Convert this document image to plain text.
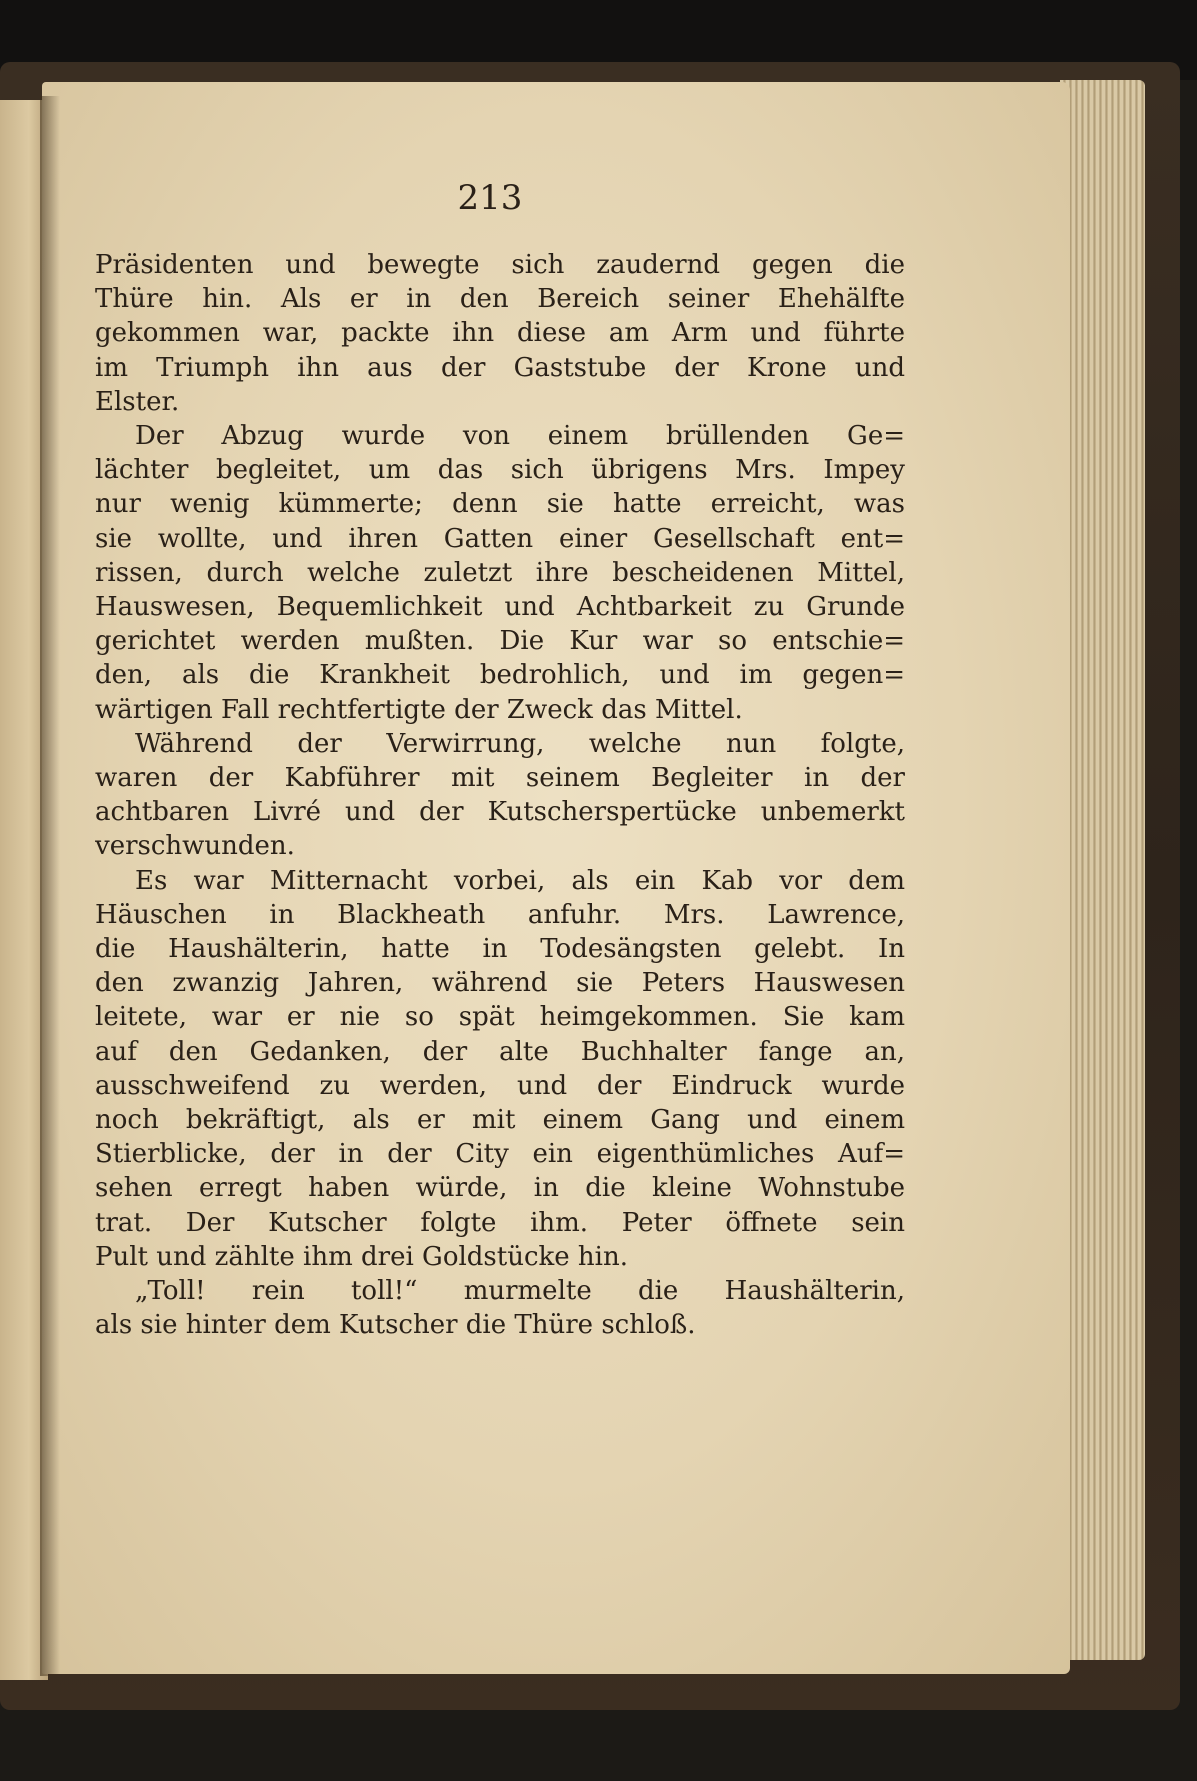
213
Präsidenten und bewegte sich zaudernd gegen die
Thüre hin. Als er in den Bereich seiner Ehehälfte
gekommen war, packte ihn diese am Arm und führte
im Triumph ihn aus der Gaststube der Krone und
Elster.
Der Abzug wurde von einem brüllenden Ge=
lächter begleitet, um das sich übrigens Mrs. Impey
nur wenig kümmerte; denn sie hatte erreicht, was
sie wollte, und ihren Gatten einer Gesellschaft ent=
rissen, durch welche zuletzt ihre bescheidenen Mittel,
Hauswesen, Bequemlichkeit und Achtbarkeit zu Grunde
gerichtet werden mußten. Die Kur war so entschie=
den, als die Krankheit bedrohlich, und im gegen=
wärtigen Fall rechtfertigte der Zweck das Mittel.
Während der Verwirrung, welche nun folgte,
waren der Kabführer mit seinem Begleiter in der
achtbaren Livré und der Kutscherspertücke unbemerkt
verschwunden.
Es war Mitternacht vorbei, als ein Kab vor dem
Häuschen in Blackheath anfuhr. Mrs. Lawrence,
die Haushälterin, hatte in Todesängsten gelebt. In
den zwanzig Jahren, während sie Peters Hauswesen
leitete, war er nie so spät heimgekommen. Sie kam
auf den Gedanken, der alte Buchhalter fange an,
ausschweifend zu werden, und der Eindruck wurde
noch bekräftigt, als er mit einem Gang und einem
Stierblicke, der in der City ein eigenthümliches Auf=
sehen erregt haben würde, in die kleine Wohnstube
trat. Der Kutscher folgte ihm. Peter öffnete sein
Pult und zählte ihm drei Goldstücke hin.
„Toll! rein toll!“ murmelte die Haushälterin,
als sie hinter dem Kutscher die Thüre schloß.
